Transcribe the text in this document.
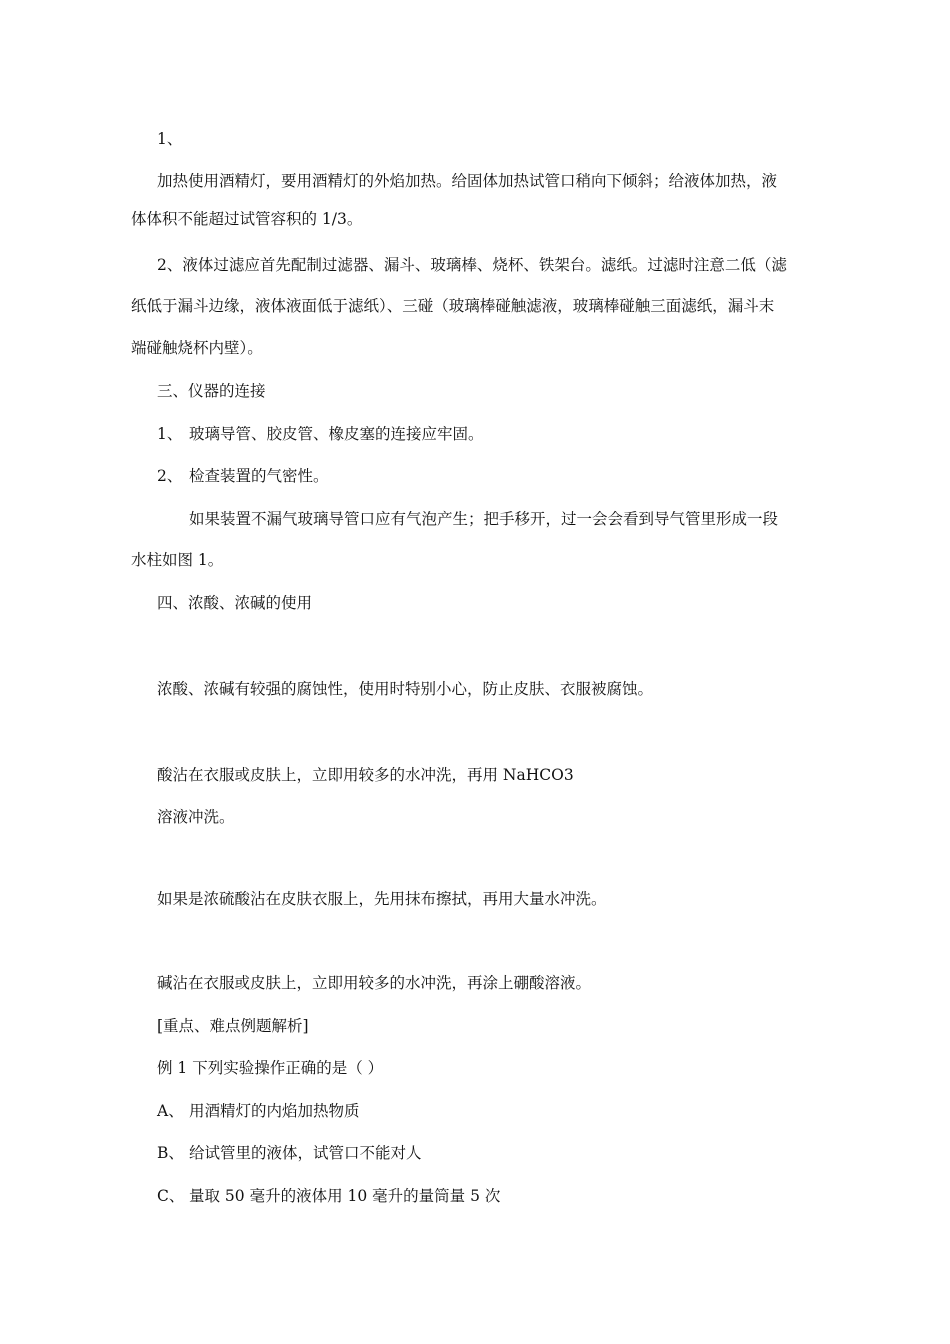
1、
加热使用酒精灯，要用酒精灯的外焰加热。给固体加热试管口稍向下倾斜；给液体加热，液
体体积不能超过试管容积的 1/3。
2、液体过滤应首先配制过滤器、漏斗、玻璃棒、烧杯、铁架台。滤纸。过滤时注意二低（滤
纸低于漏斗边缘，液体液面低于滤纸）、三碰（玻璃棒碰触滤液，玻璃棒碰触三面滤纸，漏斗末
端碰触烧杯内壁）。
三、仪器的连接
1、 玻璃导管、胶皮管、橡皮塞的连接应牢固。
2、 检查装置的气密性。
如果装置不漏气玻璃导管口应有气泡产生；把手移开，过一会会看到导气管里形成一段
水柱如图 1。
四、浓酸、浓碱的使用
浓酸、浓碱有较强的腐蚀性，使用时特别小心，防止皮肤、衣服被腐蚀。
酸沾在衣服或皮肤上，立即用较多的水冲洗，再用 NaHCO3
溶液冲洗。
如果是浓硫酸沾在皮肤衣服上，先用抹布擦拭，再用大量水冲洗。
碱沾在衣服或皮肤上，立即用较多的水冲洗，再涂上硼酸溶液。
[重点、难点例题解析]
例 1 下列实验操作正确的是（ ）
A、 用酒精灯的内焰加热物质
B、 给试管里的液体，试管口不能对人
C、 量取 50 毫升的液体用 10 毫升的量筒量 5 次
